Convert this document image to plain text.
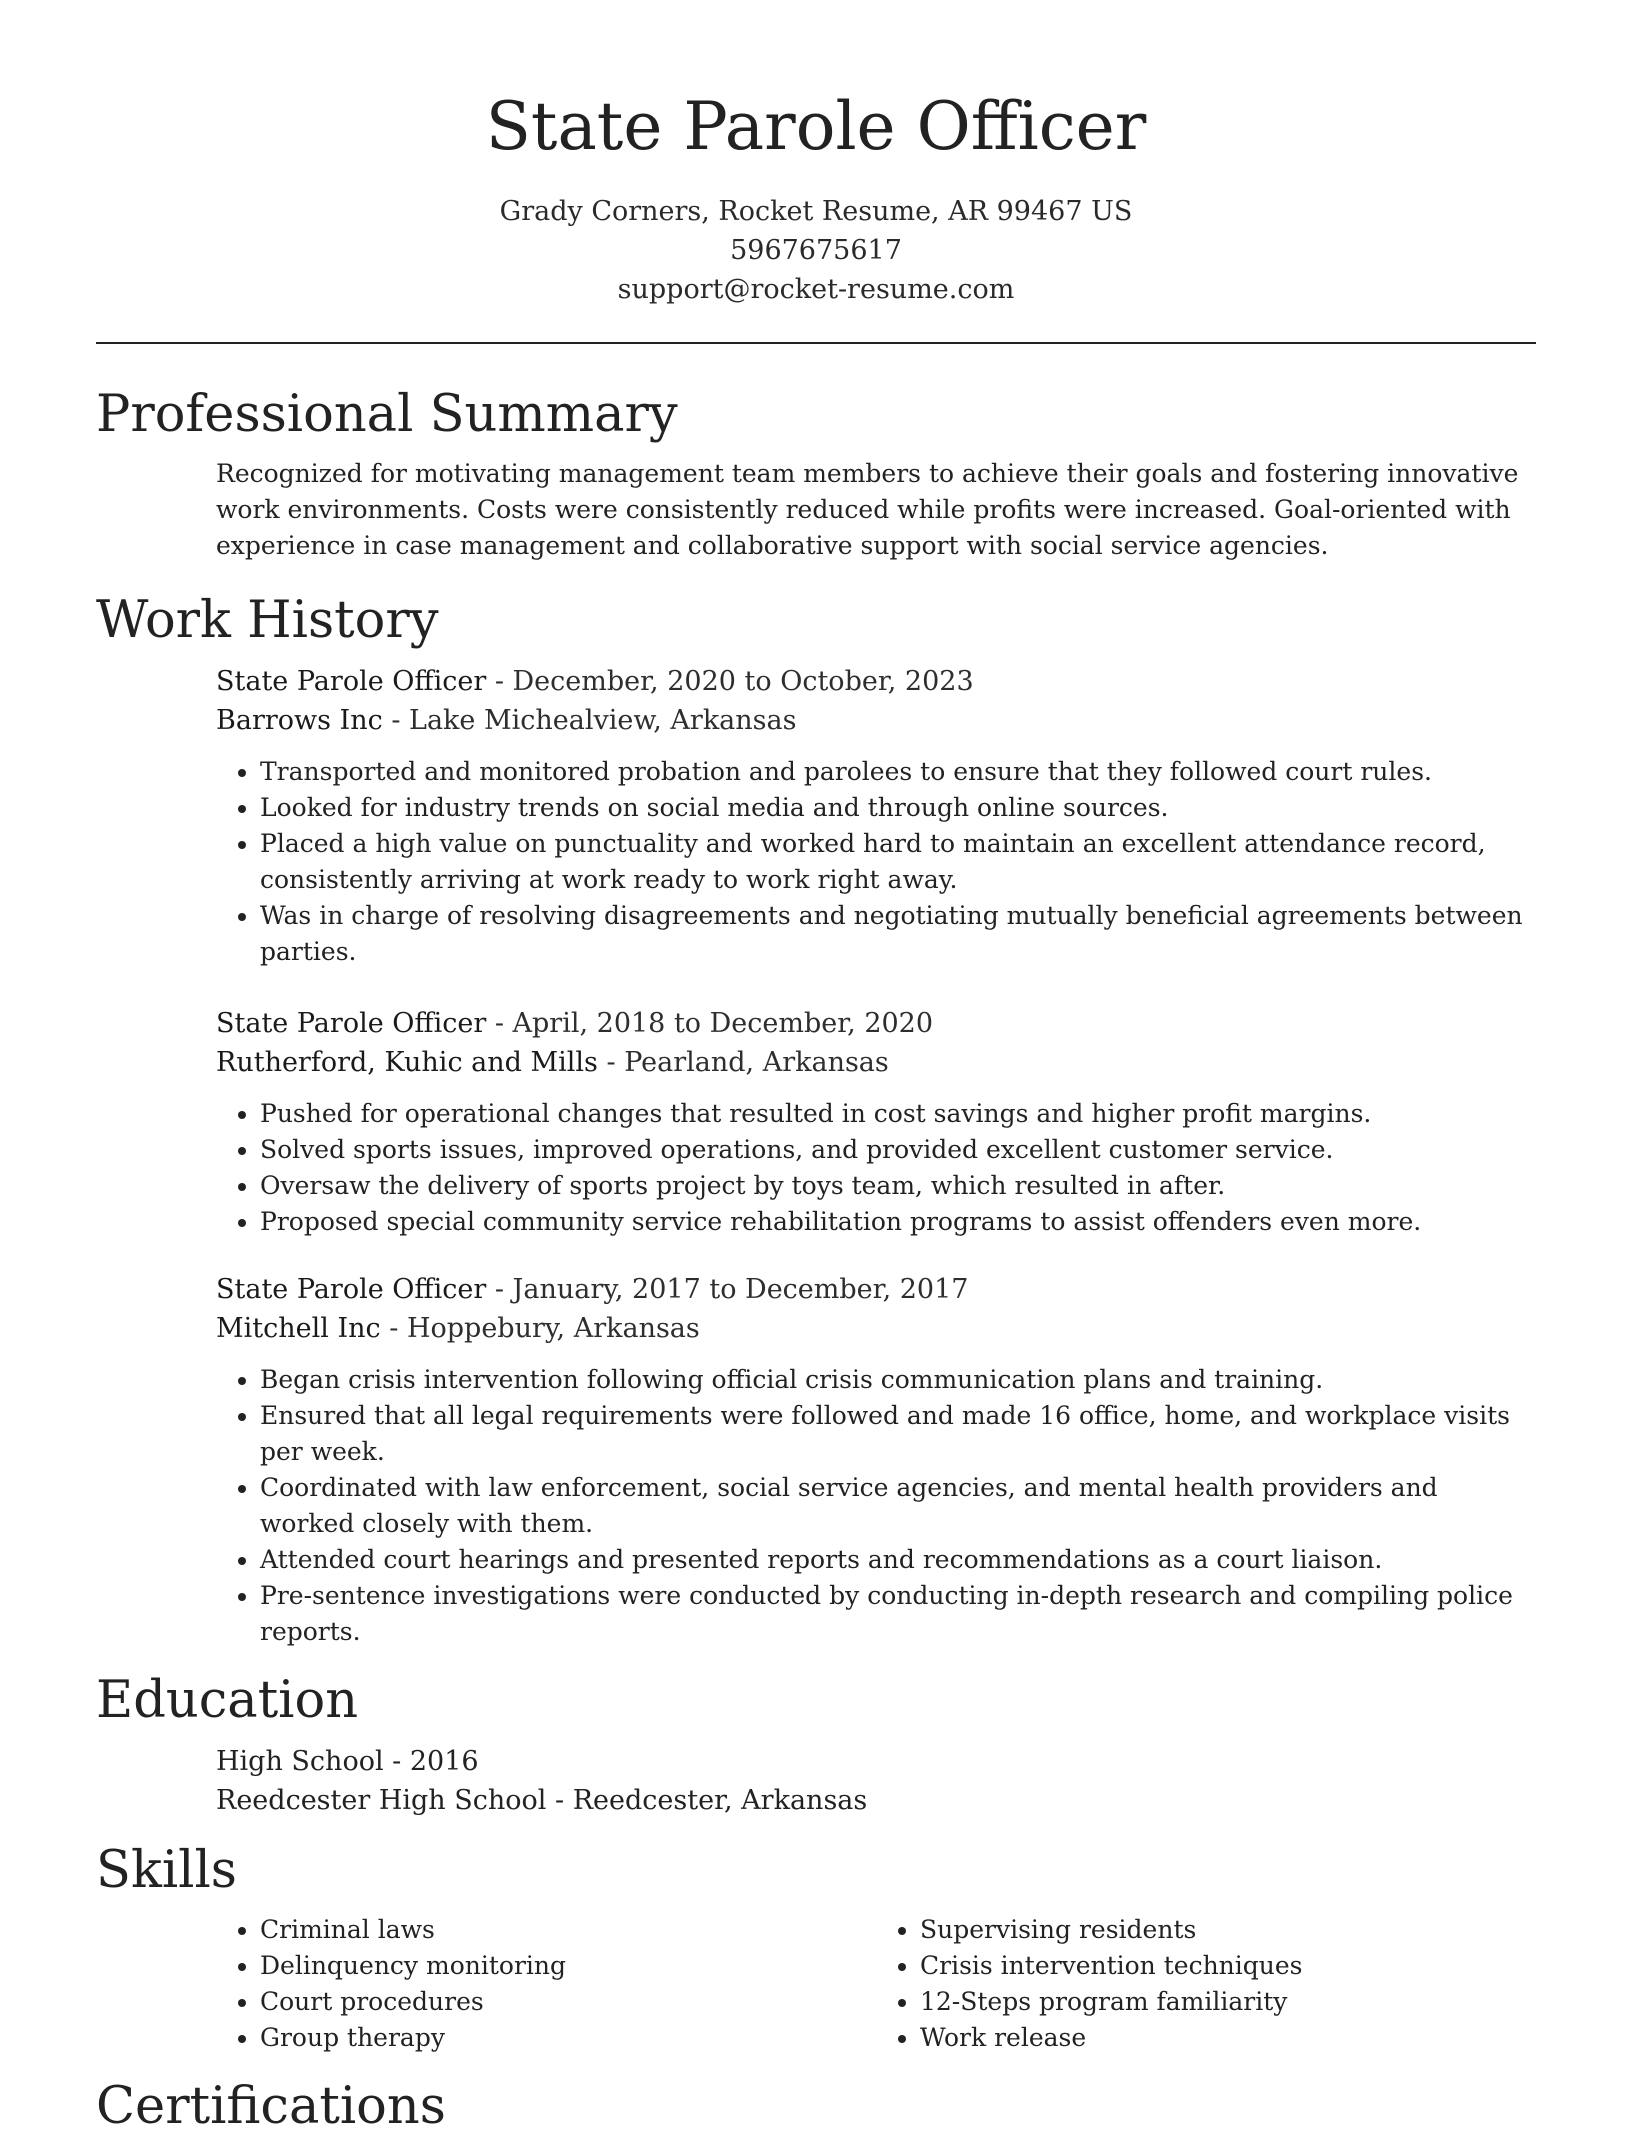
State Parole Officer
Grady Corners, Rocket Resume, AR 99467 US
5967675617
support@rocket-resume.com
Professional Summary
Recognized for motivating management team members to achieve their goals and fostering innovative work environments. Costs were consistently reduced while profits were increased. Goal-oriented with experience in case management and collaborative support with social service agencies.
Work History
State Parole Officer - December, 2020 to October, 2023
Barrows Inc - Lake Michealview, Arkansas
• Transported and monitored probation and parolees to ensure that they followed court rules.
• Looked for industry trends on social media and through online sources.
• Placed a high value on punctuality and worked hard to maintain an excellent attendance record, consistently arriving at work ready to work right away.
• Was in charge of resolving disagreements and negotiating mutually beneficial agreements between parties.
State Parole Officer - April, 2018 to December, 2020
Rutherford, Kuhic and Mills - Pearland, Arkansas
• Pushed for operational changes that resulted in cost savings and higher profit margins.
• Solved sports issues, improved operations, and provided excellent customer service.
• Oversaw the delivery of sports project by toys team, which resulted in after.
• Proposed special community service rehabilitation programs to assist offenders even more.
State Parole Officer - January, 2017 to December, 2017
Mitchell Inc - Hoppebury, Arkansas
• Began crisis intervention following official crisis communication plans and training.
• Ensured that all legal requirements were followed and made 16 office, home, and workplace visits per week.
• Coordinated with law enforcement, social service agencies, and mental health providers and worked closely with them.
• Attended court hearings and presented reports and recommendations as a court liaison.
• Pre-sentence investigations were conducted by conducting in-depth research and compiling police reports.
Education
High School - 2016
Reedcester High School - Reedcester, Arkansas
Skills
• Criminal laws
• Delinquency monitoring
• Court procedures
• Group therapy
• Supervising residents
• Crisis intervention techniques
• 12-Steps program familiarity
• Work release
Certifications
